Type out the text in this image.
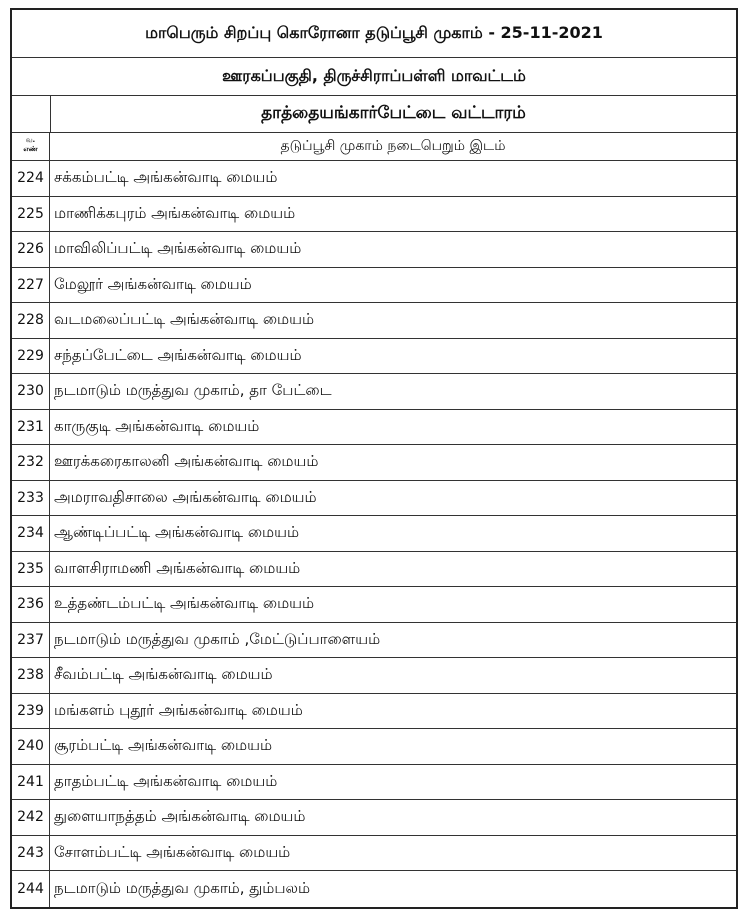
மாபெரும் சிறப்பு கொரோனா தடுப்பூசி முகாம் - 25-11-2021
ஊரகப்பகுதி, திருச்சிராப்பள்ளி மாவட்டம்
தாத்தையங்கார்பேட்டை வட்டாரம்
வ.
எண்	தடுப்பூசி முகாம் நடைபெறும் இடம்
224 சக்கம்பட்டி அங்கன்வாடி மையம்
225 மாணிக்கபுரம் அங்கன்வாடி மையம்
226 மாவிலிப்பட்டி அங்கன்வாடி மையம்
227 மேலூர் அங்கன்வாடி மையம்
228 வடமலைப்பட்டி அங்கன்வாடி மையம்
229 சந்தப்பேட்டை அங்கன்வாடி மையம்
230 நடமாடும் மருத்துவ முகாம், தா பேட்டை
231 காருகுடி அங்கன்வாடி மையம்
232 ஊரக்கரைகாலனி அங்கன்வாடி மையம்
233 அமராவதிசாலை அங்கன்வாடி மையம்
234 ஆண்டிப்பட்டி அங்கன்வாடி மையம்
235 வாளசிராமணி அங்கன்வாடி மையம்
236 உத்தண்டம்பட்டி அங்கன்வாடி மையம்
237 நடமாடும் மருத்துவ முகாம் ,மேட்டுப்பாளையம்
238 சீவம்பட்டி அங்கன்வாடி மையம்
239 மங்களம் புதூர் அங்கன்வாடி மையம்
240 சூரம்பட்டி அங்கன்வாடி மையம்
241 தாதம்பட்டி அங்கன்வாடி மையம்
242 துளையாநத்தம் அங்கன்வாடி மையம்
243 சோளம்பட்டி அங்கன்வாடி மையம்
244 நடமாடும் மருத்துவ முகாம், தும்பலம்
